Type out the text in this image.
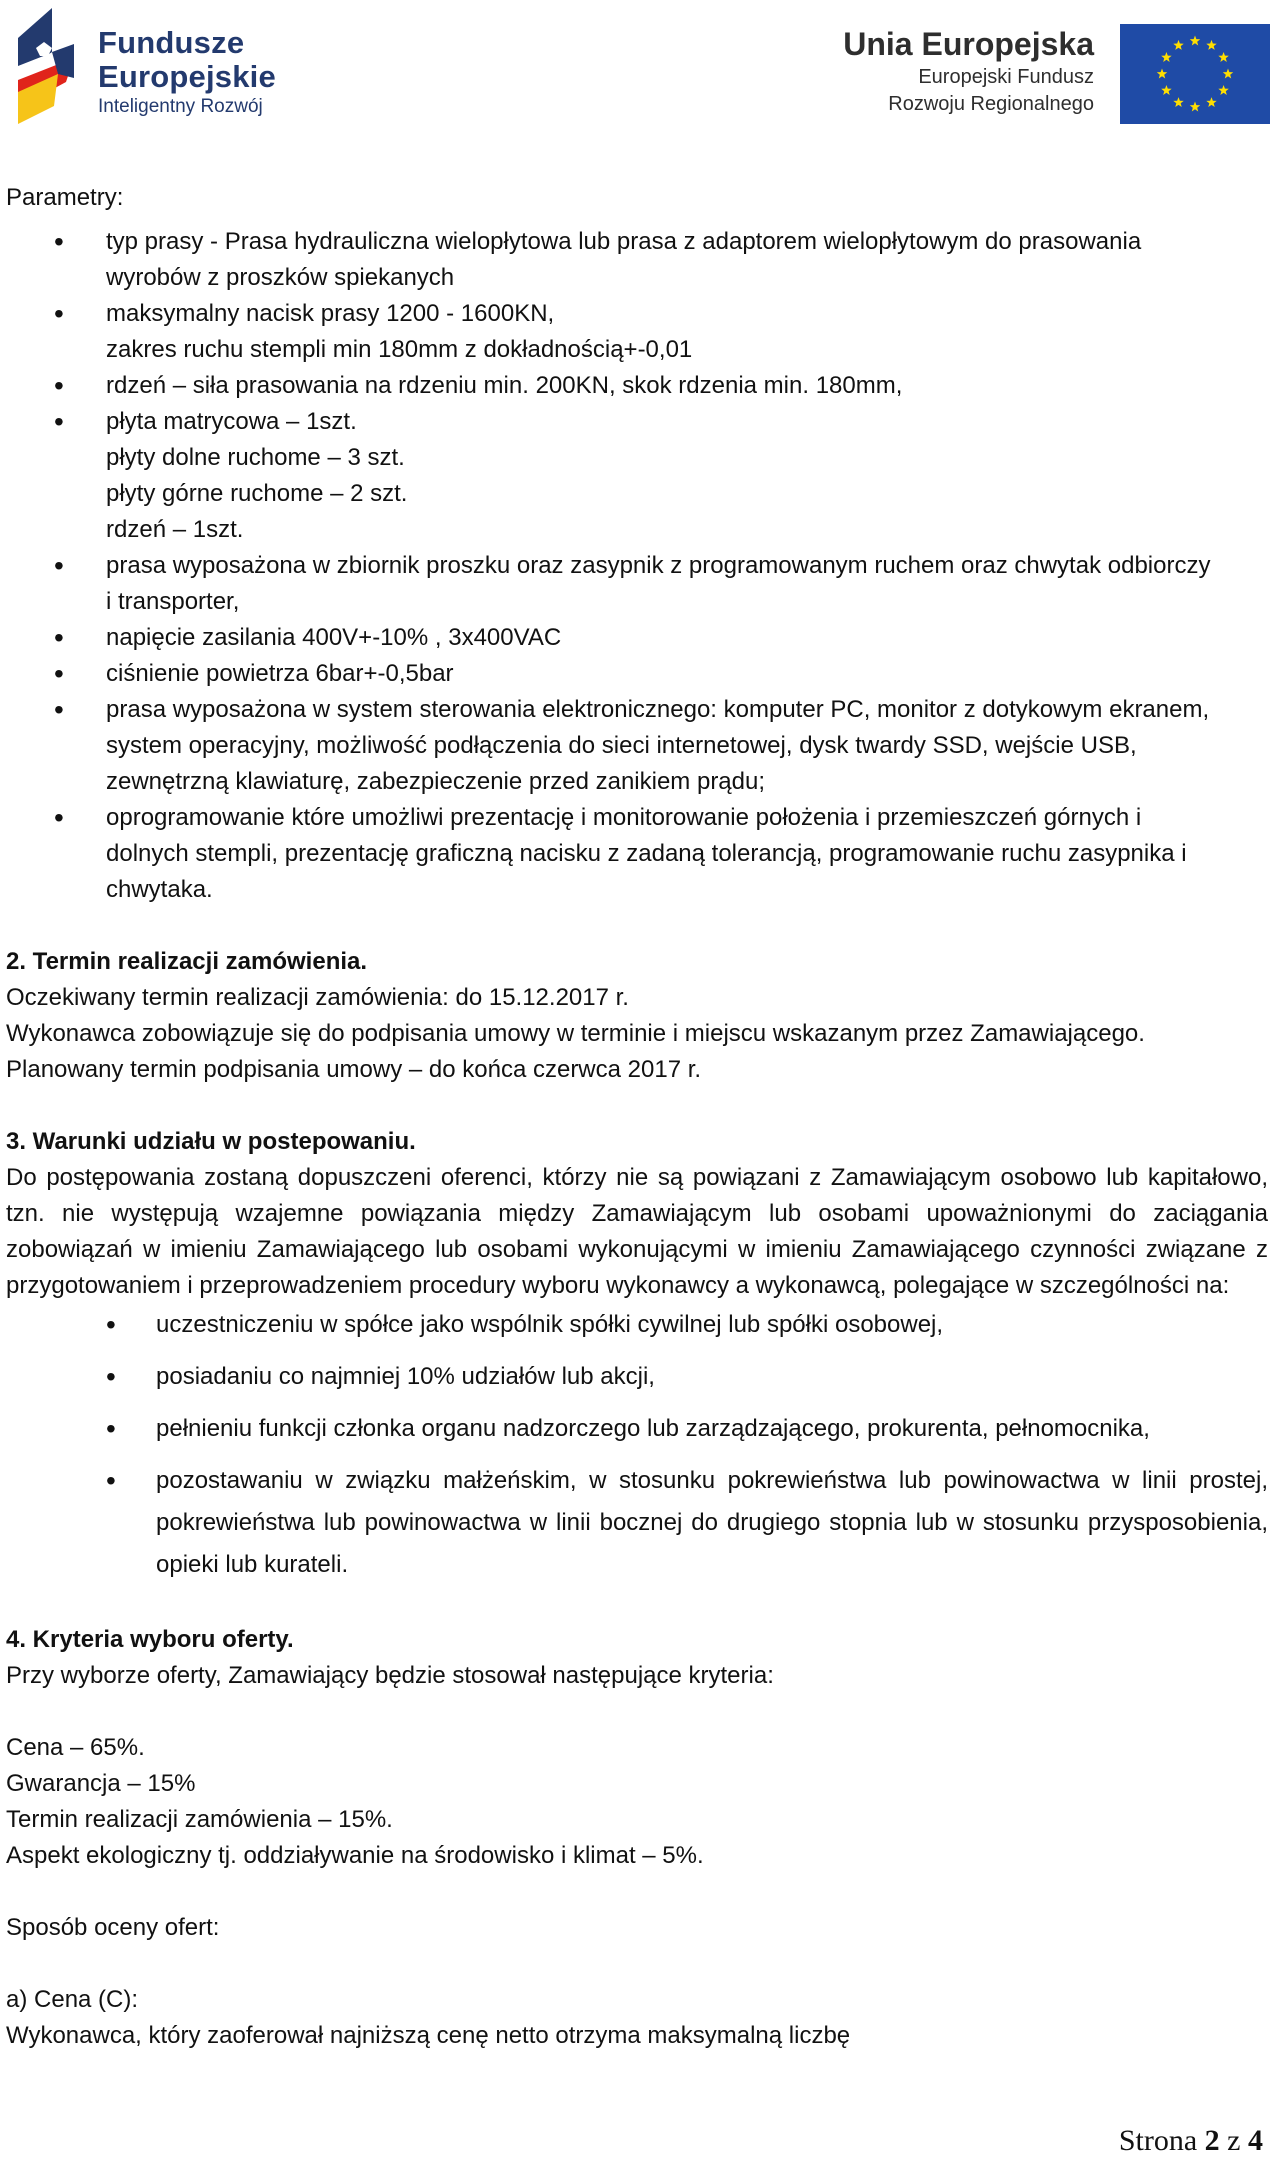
Fundusze
Europejskie
Inteligentny Rozwój
Unia Europejska
Europejski Fundusz
Rozwoju Regionalnego

Parametry:

• typ prasy - Prasa hydrauliczna wielopłytowa lub prasa z adaptorem wielopłytowym do prasowania
wyrobów z proszków spiekanych
• maksymalny nacisk prasy 1200 - 1600KN,
zakres ruchu stempli min 180mm z dokładnością+-0,01
• rdzeń – siła prasowania na rdzeniu min. 200KN, skok rdzenia min. 180mm,
• płyta matrycowa – 1szt.
płyty dolne ruchome – 3 szt.
płyty górne ruchome – 2 szt.
rdzeń – 1szt.
• prasa wyposażona w zbiornik proszku oraz zasypnik z programowanym ruchem oraz chwytak odbiorczy
i transporter,
• napięcie zasilania 400V+-10% , 3x400VAC
• ciśnienie powietrza 6bar+-0,5bar
• prasa wyposażona w system sterowania elektronicznego: komputer PC, monitor z dotykowym ekranem,
system operacyjny, możliwość podłączenia do sieci internetowej, dysk twardy SSD, wejście USB,
zewnętrzną klawiaturę, zabezpieczenie przed zanikiem prądu;
• oprogramowanie które umożliwi prezentację i monitorowanie położenia i przemieszczeń górnych i
dolnych stempli, prezentację graficzną nacisku z zadaną tolerancją, programowanie ruchu zasypnika i
chwytaka.

2. Termin realizacji zamówienia.

Oczekiwany termin realizacji zamówienia: do 15.12.2017 r.

Wykonawca zobowiązuje się do podpisania umowy w terminie i miejscu wskazanym przez Zamawiającego.

Planowany termin podpisania umowy – do końca czerwca 2017 r.

3. Warunki udziału w postepowaniu.

Do postępowania zostaną dopuszczeni oferenci, którzy nie są powiązani z Zamawiającym osobowo lub kapitałowo, tzn. nie występują wzajemne powiązania między Zamawiającym lub osobami upoważnionymi do zaciągania zobowiązań w imieniu Zamawiającego lub osobami wykonującymi w imieniu Zamawiającego czynności związane z przygotowaniem i przeprowadzeniem procedury wyboru wykonawcy a wykonawcą, polegające w szczególności na:

• uczestniczeniu w spółce jako wspólnik spółki cywilnej lub spółki osobowej,
• posiadaniu co najmniej 10% udziałów lub akcji,
• pełnieniu funkcji członka organu nadzorczego lub zarządzającego, prokurenta, pełnomocnika,
• pozostawaniu w związku małżeńskim, w stosunku pokrewieństwa lub powinowactwa w linii prostej, pokrewieństwa lub powinowactwa w linii bocznej do drugiego stopnia lub w stosunku przysposobienia, opieki lub kurateli.

4. Kryteria wyboru oferty.

Przy wyborze oferty, Zamawiający będzie stosował następujące kryteria:

Cena – 65%.

Gwarancja – 15%

Termin realizacji zamówienia – 15%.

Aspekt ekologiczny tj. oddziaływanie na środowisko i klimat – 5%.

Sposób oceny ofert:

a) Cena (C):

Wykonawca, który zaoferował najniższą cenę netto otrzyma maksymalną liczbę

Strona 2 z 4
